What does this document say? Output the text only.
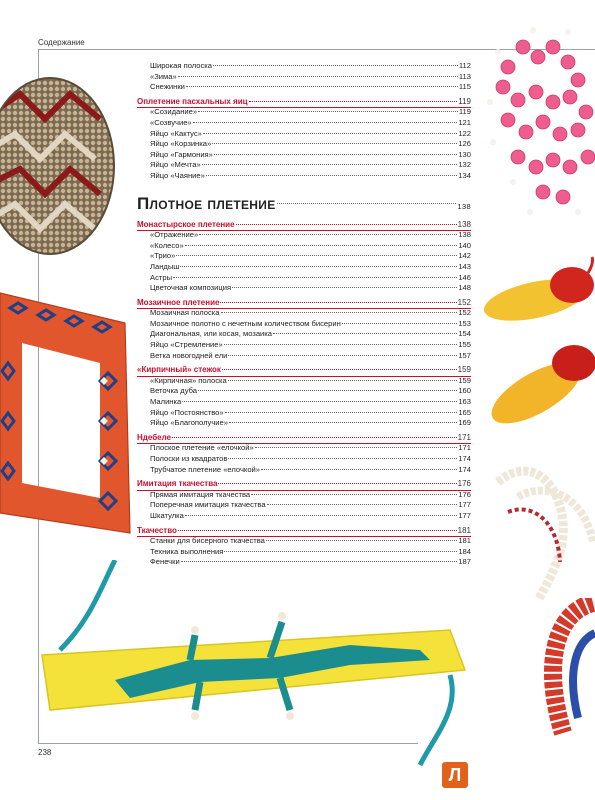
Содержание
238
Широкая полоска	112
«Зима»	113
Снежинки	115
Оплетение пасхальных яиц	119
«Созидание»	119
«Созвучие»	121
Яйцо «Кактус»	122
Яйцо «Корзинка»	126
Яйцо «Гармония»	130
Яйцо «Мечта»	132
Яйцо «Чаяние»	134
Плотное плетение	138
Монастырское плетение	138
«Отражение»	138
«Колесо»	140
«Трио»	142
Ландыш	143
Астры	146
Цветочная композиция	148
Мозаичное плетение	152
Мозаичная полоска	152
Мозаичное полотно с нечетным количеством бисерин	153
Диагональная, или косая, мозаика	154
Яйцо «Стремление»	155
Ветка новогодней ели	157
«Кирпичный» стежок	159
«Кирпичная» полоска	159
Веточка дуба	160
Малинка	163
Яйцо «Постоянство»	165
Яйцо «Благополучие»	169
Ндебеле	171
Плоское плетение «елочкой»	171
Полоски из квадратов	174
Трубчатое плетение «елочкой»	174
Имитация ткачества	176
Прямая имитация ткачества	176
Поперечная имитация ткачества	177
Шкатулка	177
Ткачество	181
Станки для бисерного ткачества	181
Техника выполнения	184
Фенечки	187
Л
